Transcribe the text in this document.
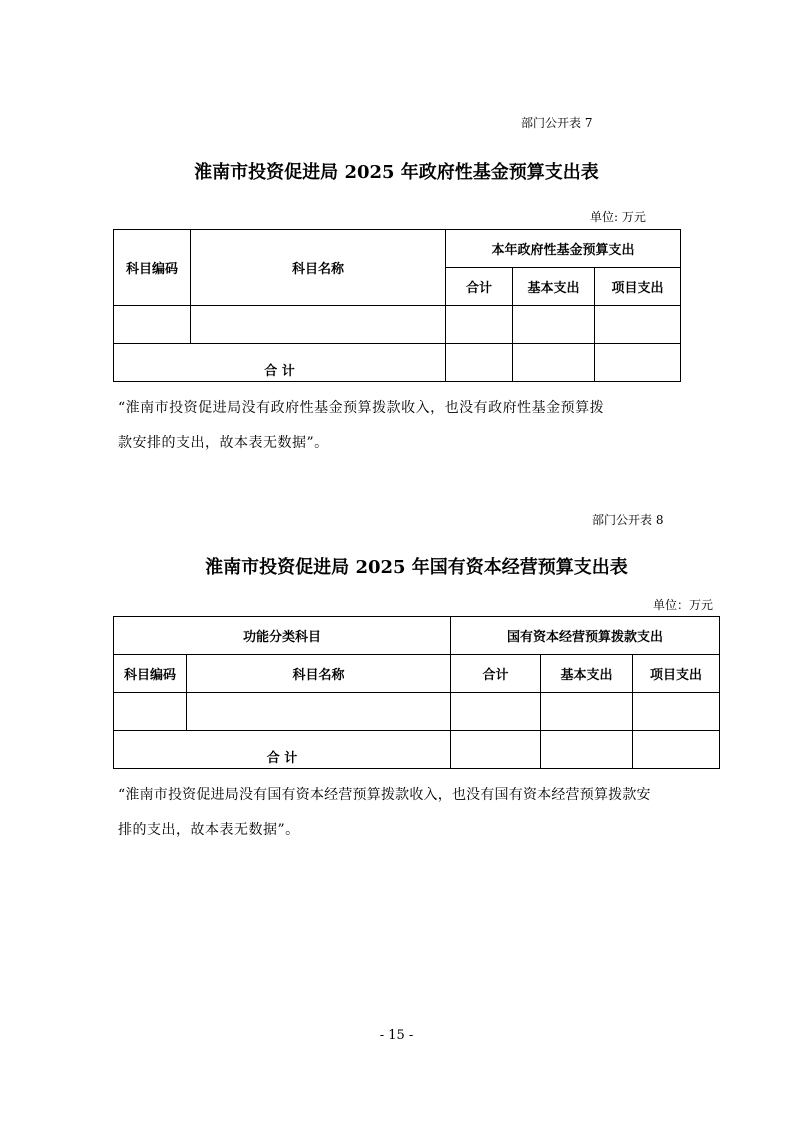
部门公开表 7
淮南市投资促进局 2025 年政府性基金预算支出表
单位: 万元
科目编码	科目名称	本年政府性基金预算支出		
		合计	基本支出	项目支出

合 计				
“淮南市投资促进局没有政府性基金预算拨款收入，也没有政府性基金预算拨
款安排的支出，故本表无数据”。
部门公开表 8
淮南市投资促进局 2025 年国有资本经营预算支出表
单位：万元
功能分类科目		国有资本经营预算拨款支出		
科目编码	科目名称	合计	基本支出	项目支出

合 计				
“淮南市投资促进局没有国有资本经营预算拨款收入，也没有国有资本经营预算拨款安
排的支出，故本表无数据”。
- 15 -
